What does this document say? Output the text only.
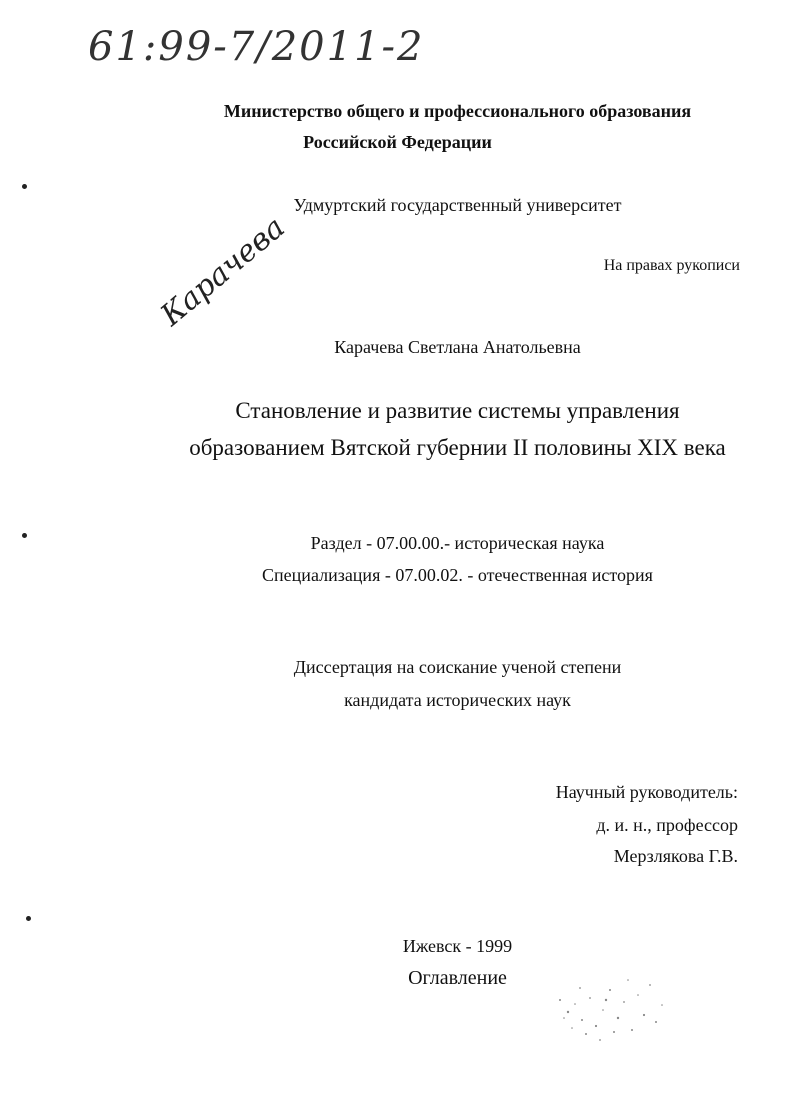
61:99-7/2011-2
Министерство общего и профессионального образования
Российской Федерации
Удмуртский государственный университет
Карачева	На правах рукописи
Карачева Светлана Анатольевна
Становление и развитие системы управления
образованием Вятской губернии II половины XIX века
Раздел - 07.00.00.- историческая наука
Специализация - 07.00.02. - отечественная история
Диссертация на соискание ученой степени
кандидата исторических наук
Научный руководитель:
д. и. н., профессор
Мерзлякова Г.В.
Ижевск - 1999
Оглавление
